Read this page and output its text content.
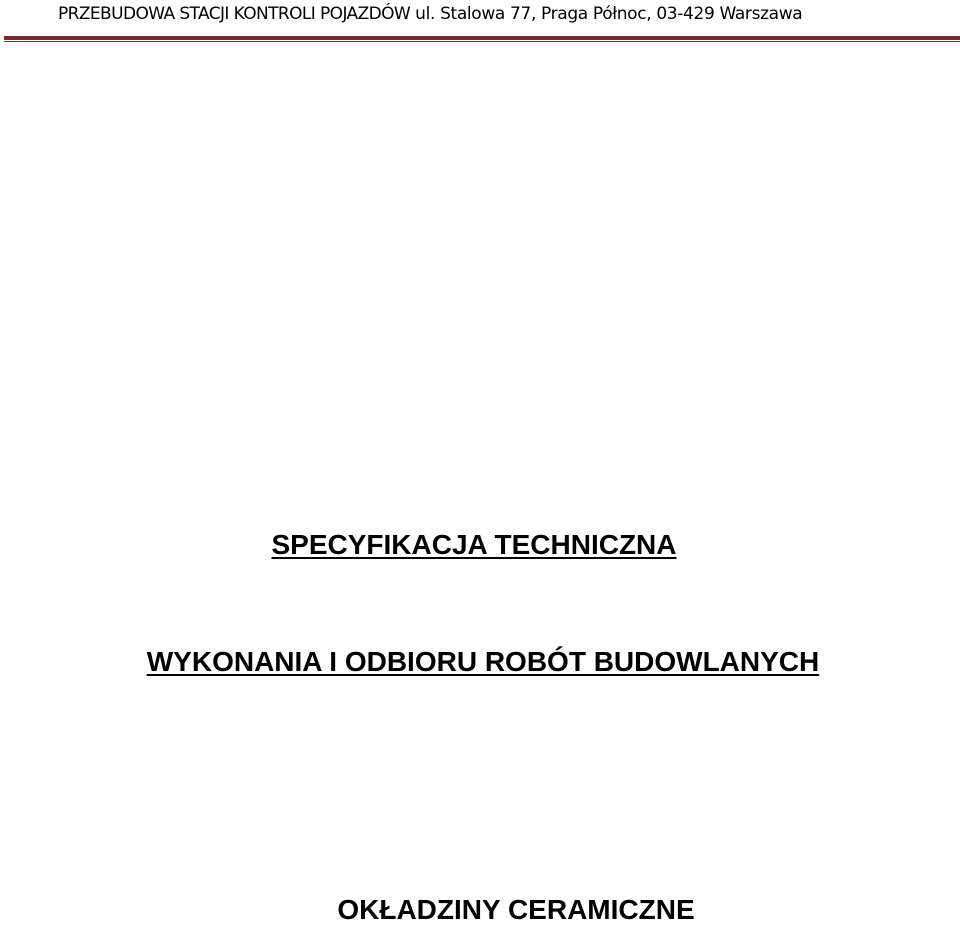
PRZEBUDOWA STACJI KONTROLI POJAZDÓW ul. Stalowa 77, Praga Północ, 03-429 Warszawa
SPECYFIKACJA TECHNICZNA
WYKONANIA I ODBIORU ROBÓT BUDOWLANYCH
OKŁADZINY CERAMICZNE
